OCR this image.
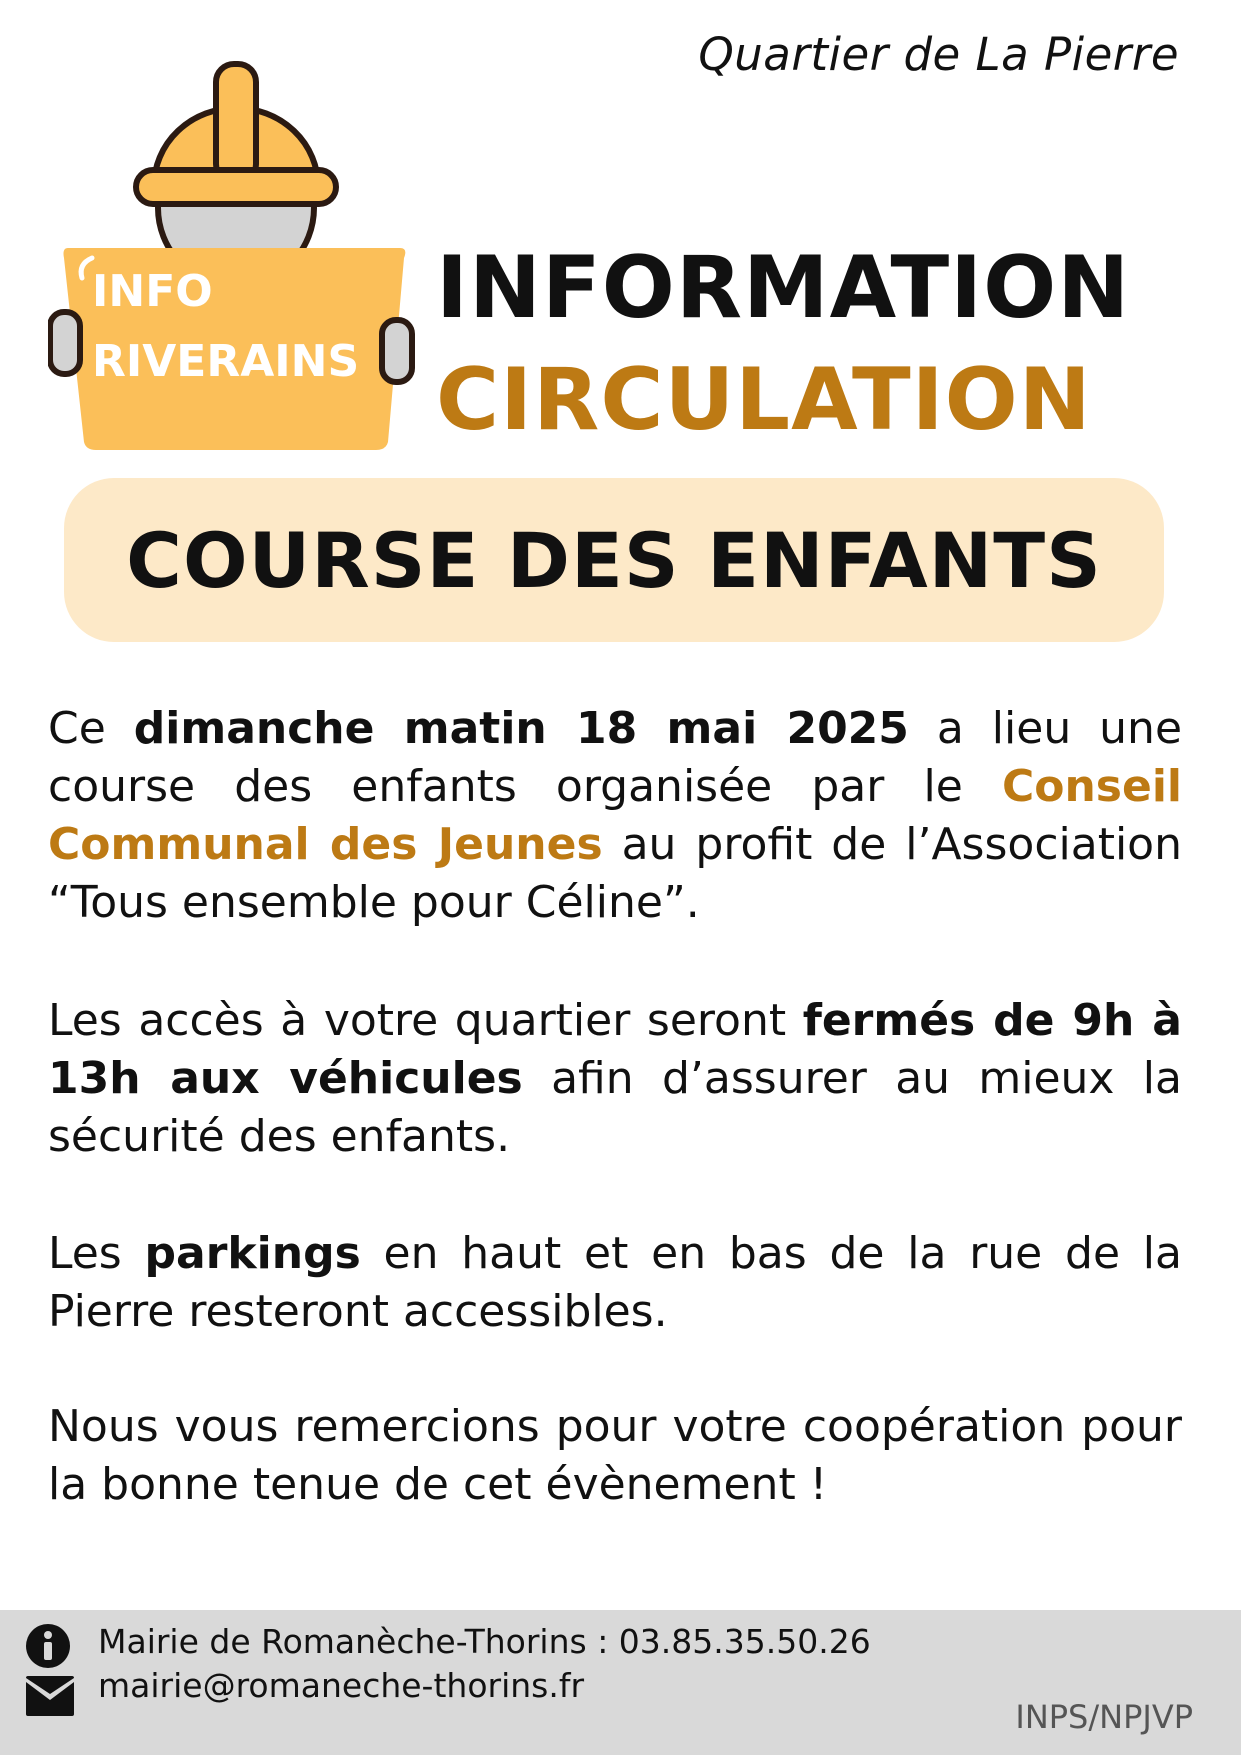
Quartier de La Pierre
INFO
RIVERAINS
INFORMATION
CIRCULATION
COURSE DES ENFANTS
Ce dimanche matin 18 mai 2025 a lieu une course des enfants organisée par le Conseil Communal des Jeunes au profit de l’Association “Tous ensemble pour Céline”.
Les accès à votre quartier seront fermés de 9h à 13h aux véhicules afin d’assurer au mieux la sécurité des enfants.
Les parkings en haut et en bas de la rue de la Pierre resteront accessibles.
Nous vous remercions pour votre coopération pour la bonne tenue de cet évènement !
Mairie de Romanèche-Thorins : 03.85.35.50.26
mairie@romaneche-thorins.fr
INPS/NPJVP
